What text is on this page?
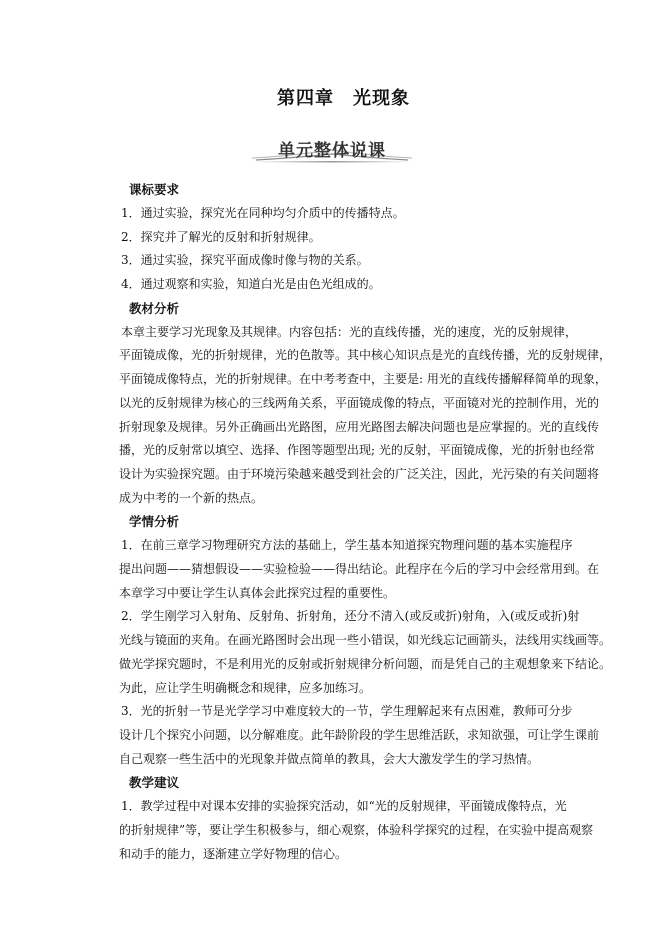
第四章　光现象
单元整体说课
课标要求
1．通过实验，探究光在同种均匀介质中的传播特点。
2．探究并了解光的反射和折射规律。
3．通过实验，探究平面成像时像与物的关系。
4．通过观察和实验，知道白光是由色光组成的。
教材分析
本章主要学习光现象及其规律。内容包括：光的直线传播，光的速度，光的反射规律，
平面镜成像，光的折射规律，光的色散等。其中核心知识点是光的直线传播，光的反射规律，
平面镜成像特点，光的折射规律。在中考考查中，主要是: 用光的直线传播解释简单的现象，
以光的反射规律为核心的三线两角关系，平面镜成像的特点，平面镜对光的控制作用，光的
折射现象及规律。另外正确画出光路图，应用光路图去解决问题也是应掌握的。光的直线传
播，光的反射常以填空、选择、作图等题型出现; 光的反射，平面镜成像，光的折射也经常
设计为实验探究题。由于环境污染越来越受到社会的广泛关注，因此，光污染的有关问题将
成为中考的一个新的热点。
学情分析
1．在前三章学习物理研究方法的基础上，学生基本知道探究物理问题的基本实施程序
提出问题——猜想假设——实验检验——得出结论。此程序在今后的学习中会经常用到。在
本章学习中要让学生认真体会此探究过程的重要性。
2．学生刚学习入射角、反射角、折射角，还分不清入(或反或折)射角，入(或反或折)射
光线与镜面的夹角。在画光路图时会出现一些小错误，如光线忘记画箭头，法线用实线画等。
做光学探究题时，不是利用光的反射或折射规律分析问题，而是凭自己的主观想象来下结论。
为此，应让学生明确概念和规律，应多加练习。
3．光的折射一节是光学学习中难度较大的一节，学生理解起来有点困难，教师可分步
设计几个探究小问题，以分解难度。此年龄阶段的学生思维活跃，求知欲强，可让学生课前
自己观察一些生活中的光现象并做点简单的教具，会大大激发学生的学习热情。
教学建议
1．教学过程中对课本安排的实验探究活动，如“光的反射规律，平面镜成像特点，光
的折射规律”等，要让学生积极参与，细心观察，体验科学探究的过程，在实验中提高观察
和动手的能力，逐渐建立学好物理的信心。
